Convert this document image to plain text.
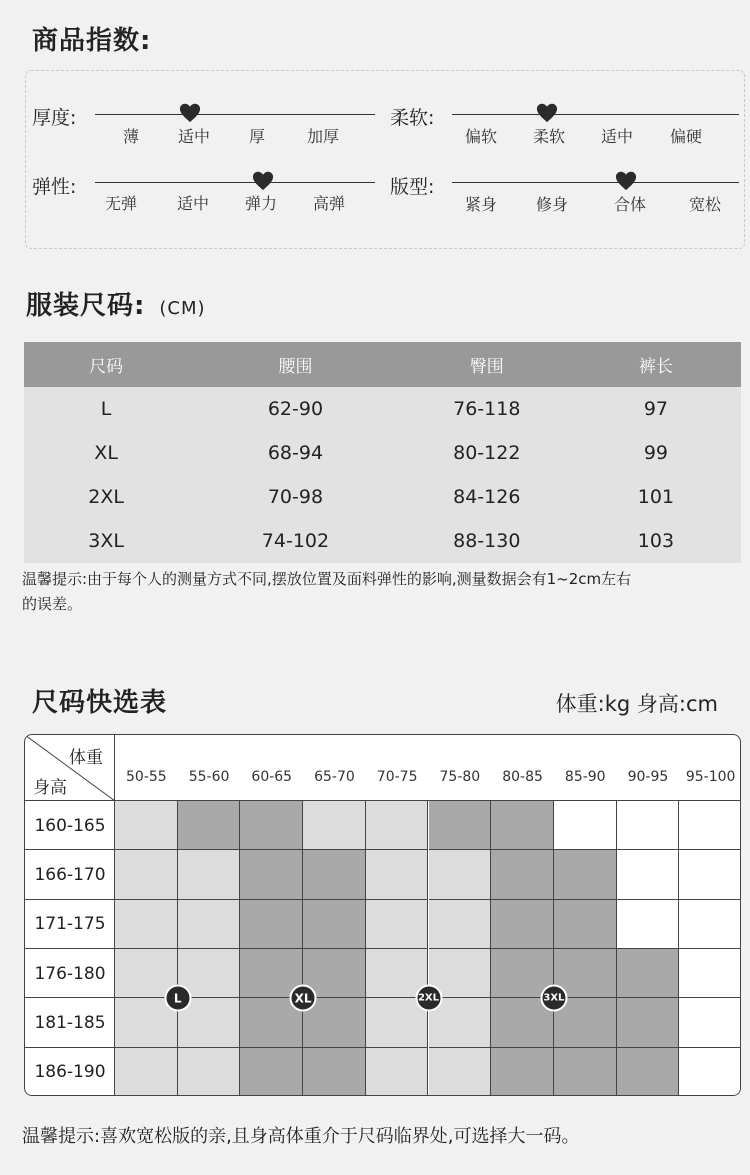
商品指数:
厚度:
薄 适中 厚	加厚
柔软:
偏软 柔软 适中 偏硬
弹性:
无弹 适中 弹力 高弹
版型:
紧身 修身	合体	宽松
服装尺码: (CM)
尺码	腰围	臀围	裤长
L	62-90	76-118	97
XL	68-94	80-122	99
2XL	70-98	84-126	101
3XL	74-102	88-130	103
温馨提示:由于每个人的测量方式不同,摆放位置及面料弹性的影响,测量数据会有1~2cm左右
的误差。
尺码快选表	体重:kg 身高:cm
体重
身高
50-55 55-60 60-65 65-70 70-75 75-80 80-85 85-90 90-95 95-100
160-165
166-170
171-175
176-180
181-185
186-190
L	XL	2XL	3XL
温馨提示:喜欢宽松版的亲,且身高体重介于尺码临界处,可选择大一码。
